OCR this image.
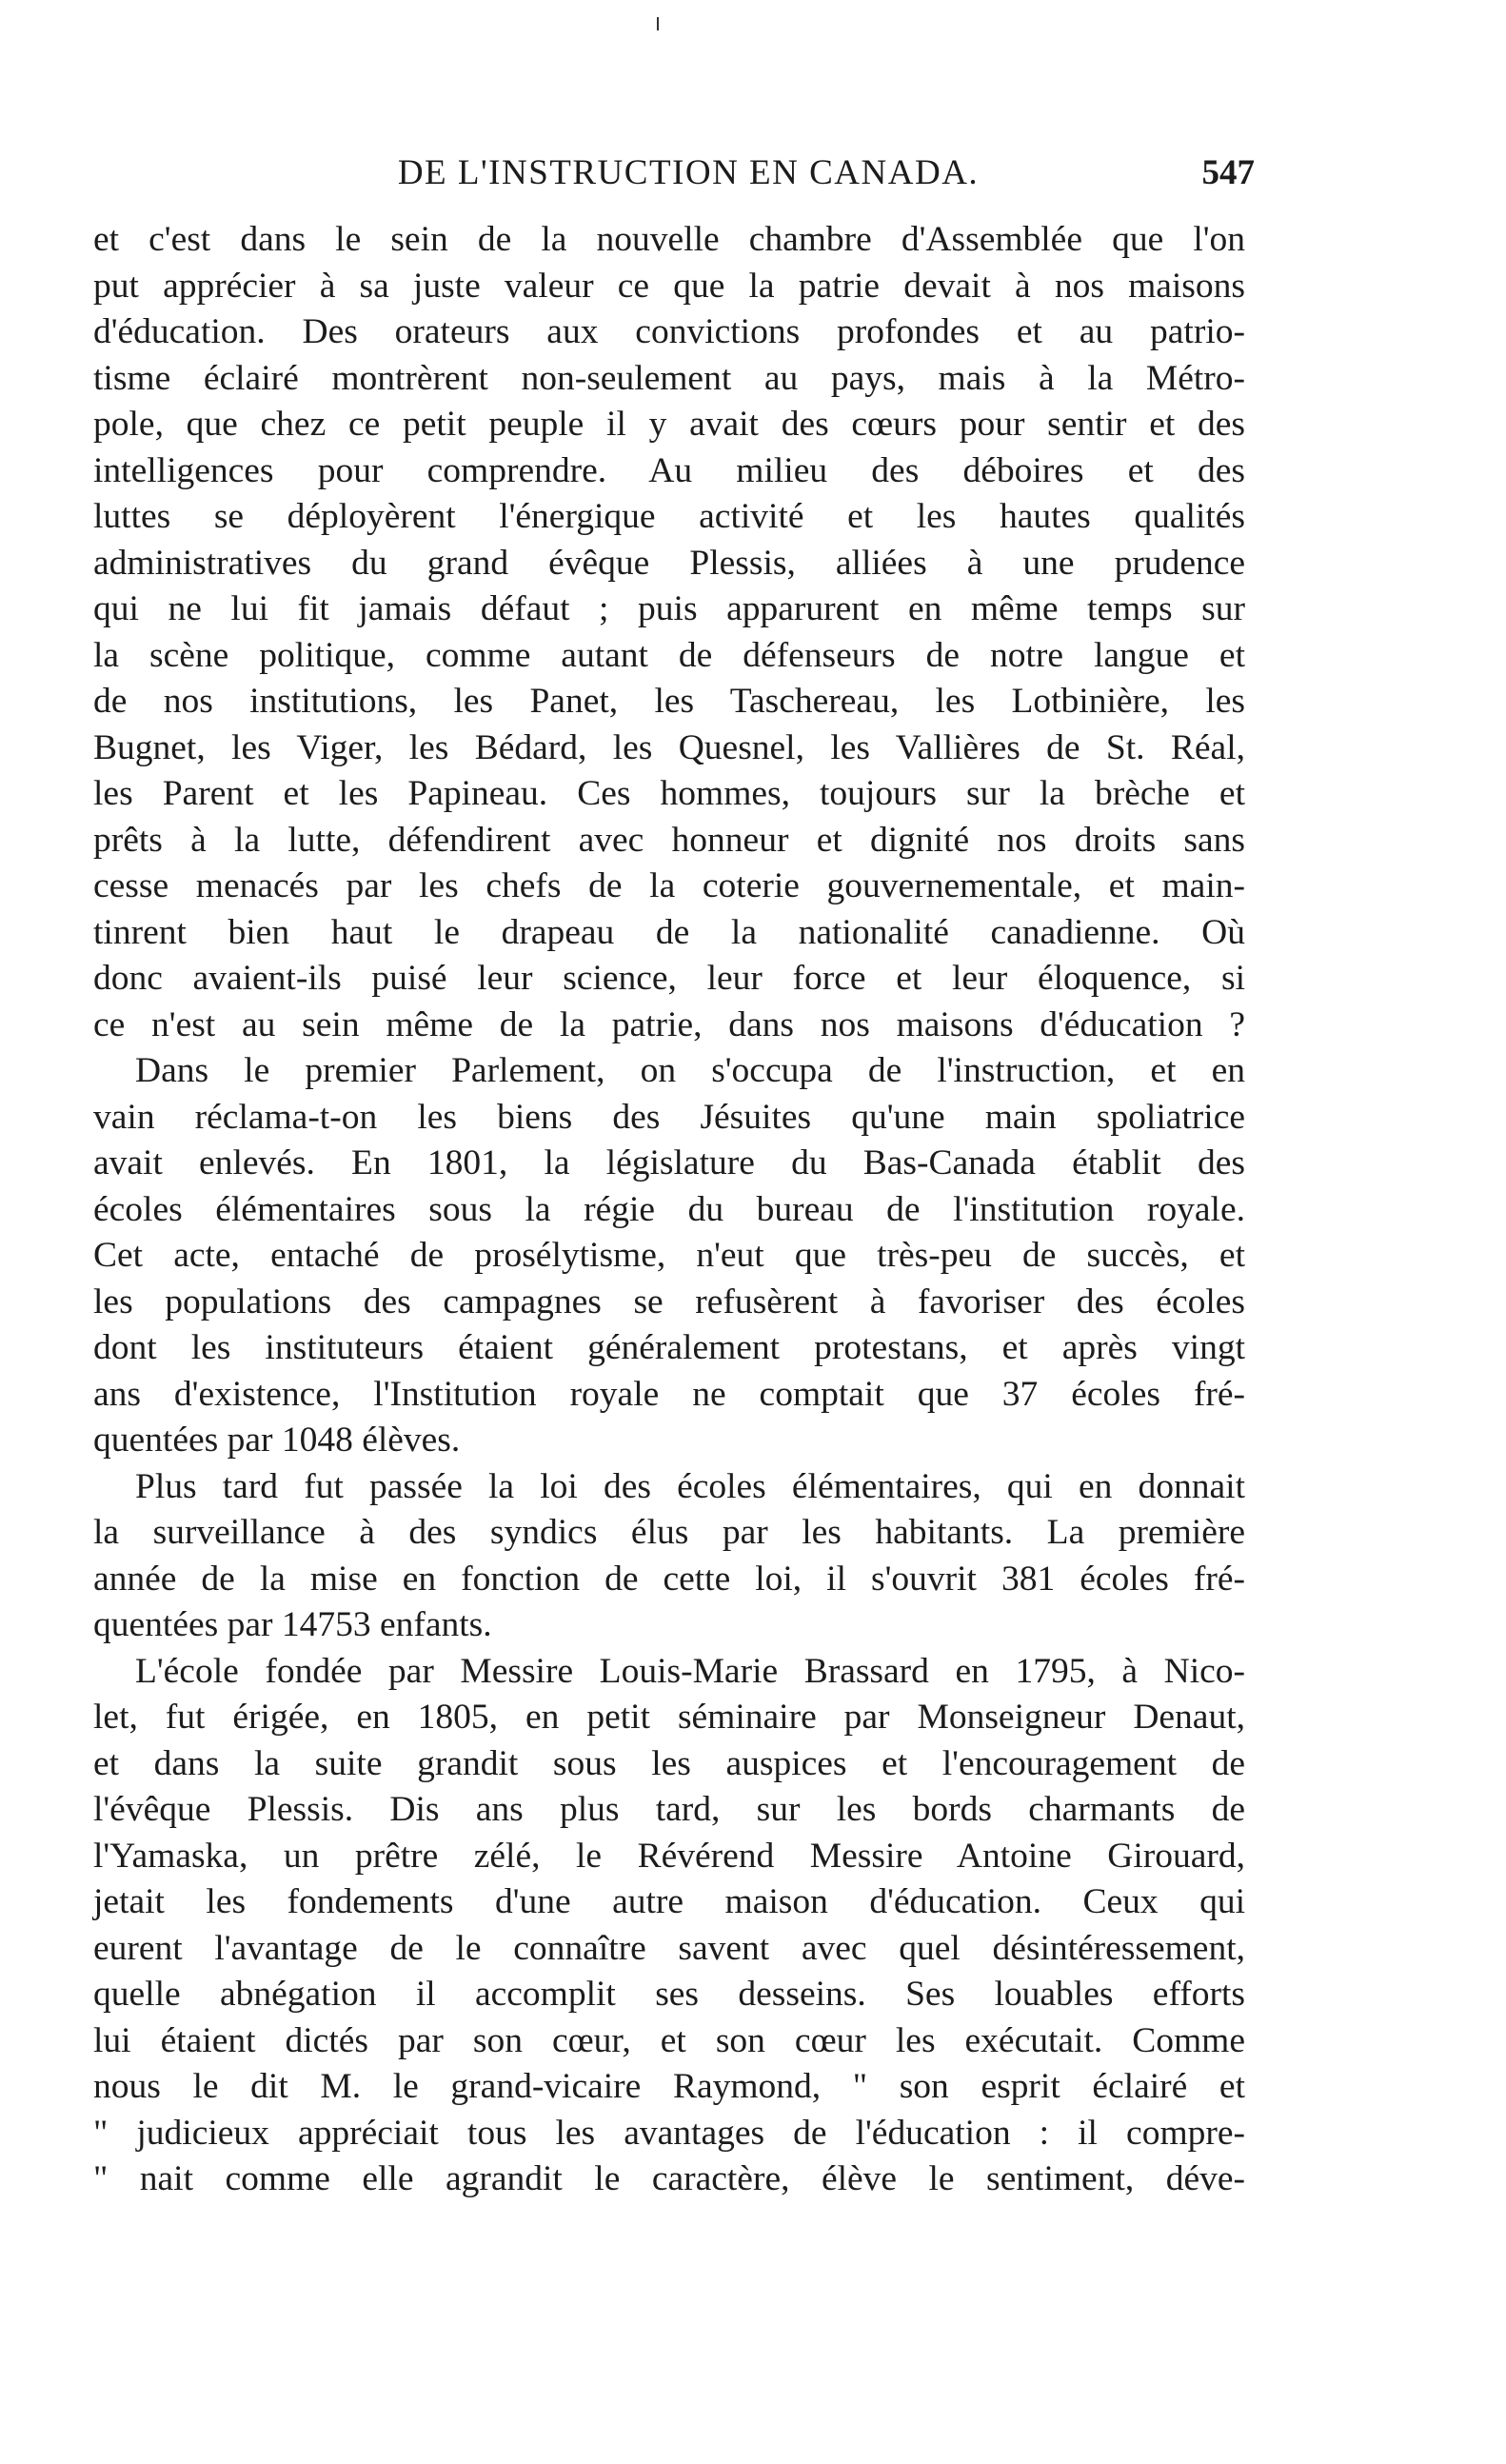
DE L'INSTRUCTION EN CANADA.	547
et c'est dans le sein de la nouvelle chambre d'Assemblée que l'on
put apprécier à sa juste valeur ce que la patrie devait à nos maisons
d'éducation. Des orateurs aux convictions profondes et au patrio-
tisme éclairé montrèrent non-seulement au pays, mais à la Métro-
pole, que chez ce petit peuple il y avait des cœurs pour sentir et des
intelligences pour comprendre. Au milieu des déboires et des
luttes se déployèrent l'énergique activité et les hautes qualités
administratives du grand évêque Plessis, alliées à une prudence
qui ne lui fit jamais défaut ; puis apparurent en même temps sur
la scène politique, comme autant de défenseurs de notre langue et
de nos institutions, les Panet, les Taschereau, les Lotbinière, les
Bugnet, les Viger, les Bédard, les Quesnel, les Vallières de St. Réal,
les Parent et les Papineau. Ces hommes, toujours sur la brèche et
prêts à la lutte, défendirent avec honneur et dignité nos droits sans
cesse menacés par les chefs de la coterie gouvernementale, et main-
tinrent bien haut le drapeau de la nationalité canadienne. Où
donc avaient-ils puisé leur science, leur force et leur éloquence, si
ce n'est au sein même de la patrie, dans nos maisons d'éducation ?
Dans le premier Parlement, on s'occupa de l'instruction, et en
vain réclama-t-on les biens des Jésuites qu'une main spoliatrice
avait enlevés. En 1801, la législature du Bas-Canada établit des
écoles élémentaires sous la régie du bureau de l'institution royale.
Cet acte, entaché de prosélytisme, n'eut que très-peu de succès, et
les populations des campagnes se refusèrent à favoriser des écoles
dont les instituteurs étaient généralement protestans, et après vingt
ans d'existence, l'Institution royale ne comptait que 37 écoles fré-
quentées par 1048 élèves.
Plus tard fut passée la loi des écoles élémentaires, qui en donnait
la surveillance à des syndics élus par les habitants. La première
année de la mise en fonction de cette loi, il s'ouvrit 381 écoles fré-
quentées par 14753 enfants.
L'école fondée par Messire Louis-Marie Brassard en 1795, à Nico-
let, fut érigée, en 1805, en petit séminaire par Monseigneur Denaut,
et dans la suite grandit sous les auspices et l'encouragement de
l'évêque Plessis. Dis ans plus tard, sur les bords charmants de
l'Yamaska, un prêtre zélé, le Révérend Messire Antoine Girouard,
jetait les fondements d'une autre maison d'éducation. Ceux qui
eurent l'avantage de le connaître savent avec quel désintéressement,
quelle abnégation il accomplit ses desseins. Ses louables efforts
lui étaient dictés par son cœur, et son cœur les exécutait. Comme
nous le dit M. le grand-vicaire Raymond, " son esprit éclairé et
" judicieux appréciait tous les avantages de l'éducation : il compre-
" nait comme elle agrandit le caractère, élève le sentiment, déve-
